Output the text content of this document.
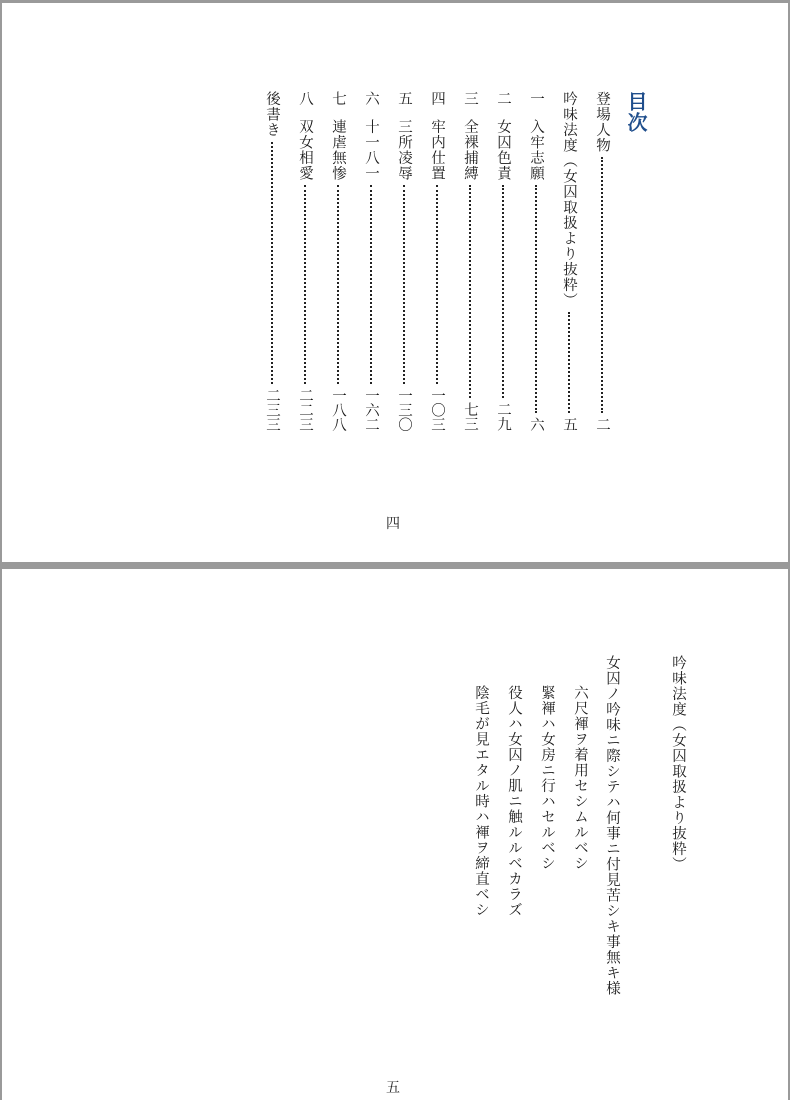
目次
登場人物
二
吟味法度（女囚取扱より抜粋）
五
一
入牢志願
六
二
女囚色責
二九
三
全裸捕縛
七三
四
牢内仕置
一〇三
五
三所凌辱
一三〇
六
十一八一
一六二
七
連虐無惨
一八八
八
双女相愛
二二三
後書き
二三三
四
吟味法度（女囚取扱より抜粋）
女囚ノ吟味ニ際シテハ何事ニ付見苦シキ事無キ様
六尺褌ヲ着用セシムルベシ
緊褌ハ女房ニ行ハセルベシ
役人ハ女囚ノ肌ニ触ルルベカラズ
陰毛が見エタル時ハ褌ヲ締直ベシ
五
